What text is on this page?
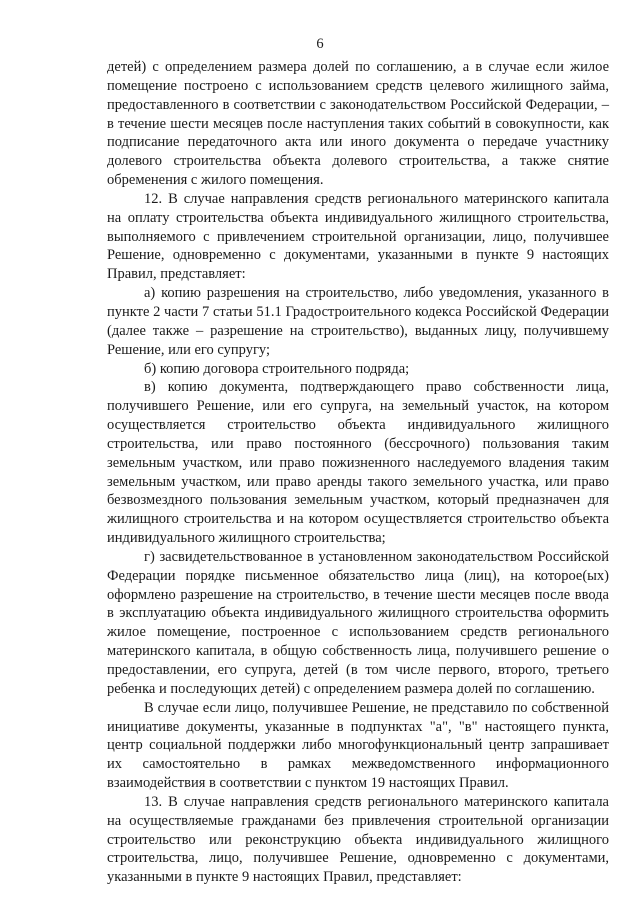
6

детей) с определением размера долей по соглашению, а в случае если жилое помещение построено с использованием средств целевого жилищного займа, предоставленного в соответствии с законодательством Российской Федерации, – в течение шести месяцев после наступления таких событий в совокупности, как подписание передаточного акта или иного документа о передаче участнику долевого строительства объекта долевого строительства, а также снятие обременения с жилого помещения.

12. В случае направления средств регионального материнского капитала на оплату строительства объекта индивидуального жилищного строительства, выполняемого с привлечением строительной организации, лицо, получившее Решение, одновременно с документами, указанными в пункте 9 настоящих Правил, представляет:

а) копию разрешения на строительство, либо уведомления, указанного в пункте 2 части 7 статьи 51.1 Градостроительного кодекса Российской Федерации (далее также – разрешение на строительство), выданных лицу, получившему Решение, или его супругу;

б) копию договора строительного подряда;

в) копию документа, подтверждающего право собственности лица, получившего Решение, или его супруга, на земельный участок, на котором осуществляется строительство объекта индивидуального жилищного строительства, или право постоянного (бессрочного) пользования таким земельным участком, или право пожизненного наследуемого владения таким земельным участком, или право аренды такого земельного участка, или право безвозмездного пользования земельным участком, который предназначен для жилищного строительства и на котором осуществляется строительство объекта индивидуального жилищного строительства;

г) засвидетельствованное в установленном законодательством Российской Федерации порядке письменное обязательство лица (лиц), на которое(ых) оформлено разрешение на строительство, в течение шести месяцев после ввода в эксплуатацию объекта индивидуального жилищного строительства оформить жилое помещение, построенное с использованием средств регионального материнского капитала, в общую собственность лица, получившего решение о предоставлении, его супруга, детей (в том числе первого, второго, третьего ребенка и последующих детей) с определением размера долей по соглашению.

В случае если лицо, получившее Решение, не представило по собственной инициативе документы, указанные в подпунктах "а", "в" настоящего пункта, центр социальной поддержки либо многофункциональный центр запрашивает их самостоятельно в рамках межведомственного информационного взаимодействия в соответствии с пунктом 19 настоящих Правил.

13. В случае направления средств регионального материнского капитала на осуществляемые гражданами без привлечения строительной организации строительство или реконструкцию объекта индивидуального жилищного строительства, лицо, получившее Решение, одновременно с документами, указанными в пункте 9 настоящих Правил, представляет:
